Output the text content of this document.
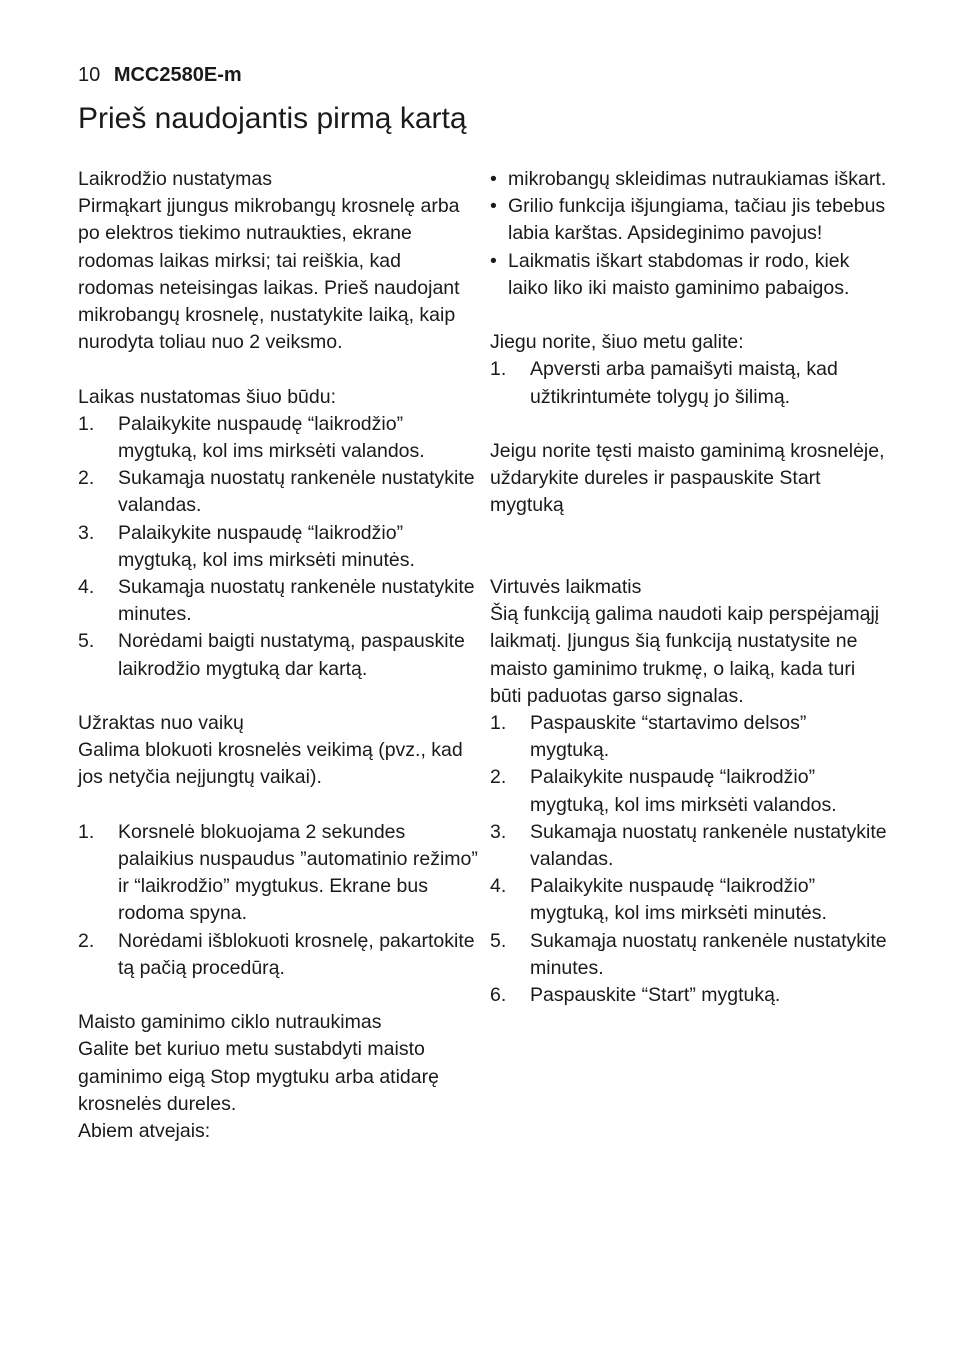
10 MCC2580E-m
Prieš naudojantis pirmą kartą

Laikrodžio nustatymas

Pirmąkart įjungus mikrobangų krosnelę arba po elektros tiekimo nutraukties, ekrane rodomas laikas mirksi; tai reiškia, kad rodomas neteisingas laikas. Prieš naudojant mikrobangų krosnelę, nustatykite laiką, kaip nurodyta toliau nuo 2 veiksmo.

Laikas nustatomas šiuo būdu:

1.	Palaikykite nuspaudę “laikrodžio” mygtuką, kol ims mirksėti valandos.
2.	Sukamąja nuostatų rankenėle nustatykite valandas.
3.	Palaikykite nuspaudę “laikrodžio” mygtuką, kol ims mirksėti minutės.
4.	Sukamąja nuostatų rankenėle nustatykite minutes.
5.	Norėdami baigti nustatymą, paspauskite laikrodžio mygtuką dar kartą.

Užraktas nuo vaikų

Galima blokuoti krosnelės veikimą (pvz., kad jos netyčia neįjungtų vaikai).

1.	Korsnelė blokuojama 2 sekundes palaikius nuspaudus ”automatinio režimo” ir “laikrodžio” mygtukus. Ekrane bus rodoma spyna.
2.	Norėdami išblokuoti krosnelę, pakartokite tą pačią procedūrą.

Maisto gaminimo ciklo nutraukimas

Galite bet kuriuo metu sustabdyti maisto gaminimo eigą Stop mygtuku arba atidarę krosnelės dureles.

Abiem atvejais:

• mikrobangų skleidimas nutraukiamas iškart.
• Grilio funkcija išjungiama, tačiau jis tebebus labia karštas. Apsideginimo pavojus!
• Laikmatis iškart stabdomas ir rodo, kiek laiko liko iki maisto gaminimo pabaigos.

Jiegu norite, šiuo metu galite:

1.	Apversti arba pamaišyti maistą, kad užtikrintumėte tolygų jo šilimą.

Jeigu norite tęsti maisto gaminimą krosnelėje, uždarykite dureles ir paspauskite Start mygtuką

Virtuvės laikmatis

Šią funkciją galima naudoti kaip perspėjamąjį laikmatį. Įjungus šią funkciją nustatysite ne maisto gaminimo trukmę, o laiką, kada turi būti paduotas garso signalas.

1.	Paspauskite “startavimo delsos” mygtuką.
2.	Palaikykite nuspaudę “laikrodžio” mygtuką, kol ims mirksėti valandos.
3.	Sukamąja nuostatų rankenėle nustatykite valandas.
4.	Palaikykite nuspaudę “laikrodžio” mygtuką, kol ims mirksėti minutės.
5.	Sukamąja nuostatų rankenėle nustatykite minutes.
6.	Paspauskite “Start” mygtuką.
